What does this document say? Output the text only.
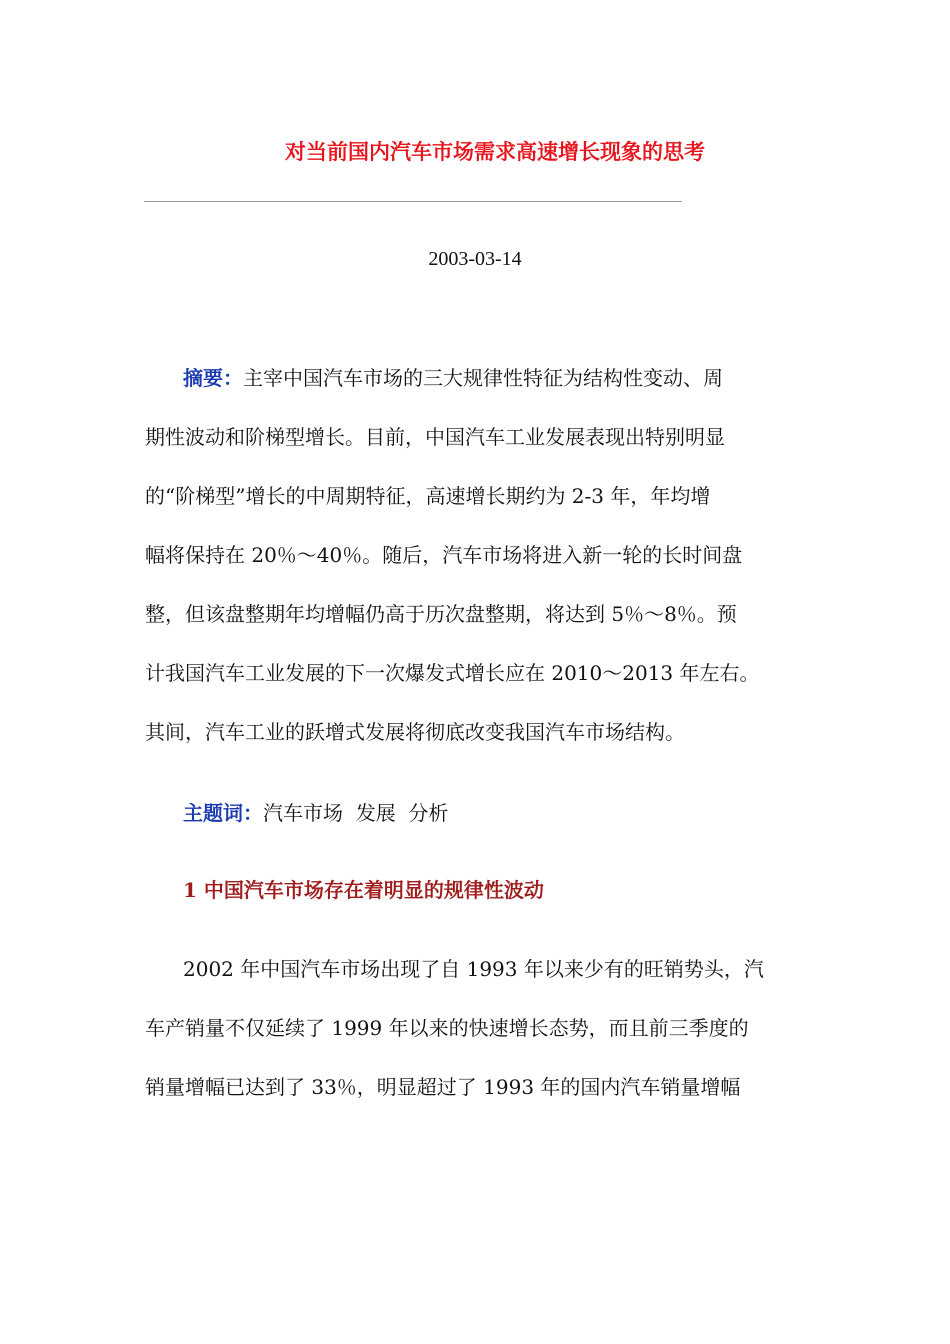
对当前国内汽车市场需求高速增长现象的思考
2003-03-14
摘要：主宰中国汽车市场的三大规律性特征为结构性变动、周
期性波动和阶梯型增长。目前，中国汽车工业发展表现出特别明显
的“阶梯型”增长的中周期特征，高速增长期约为 2-3 年，年均增
幅将保持在 20％～40％。随后，汽车市场将进入新一轮的长时间盘
整，但该盘整期年均增幅仍高于历次盘整期，将达到 5％～8％。预
计我国汽车工业发展的下一次爆发式增长应在 2010～2013 年左右。
其间，汽车工业的跃增式发展将彻底改变我国汽车市场结构。
主题词：汽车市场  发展  分析
1 中国汽车市场存在着明显的规律性波动
2002 年中国汽车市场出现了自 1993 年以来少有的旺销势头，汽
车产销量不仅延续了 1999 年以来的快速增长态势，而且前三季度的
销量增幅已达到了 33％，明显超过了 1993 年的国内汽车销量增幅
